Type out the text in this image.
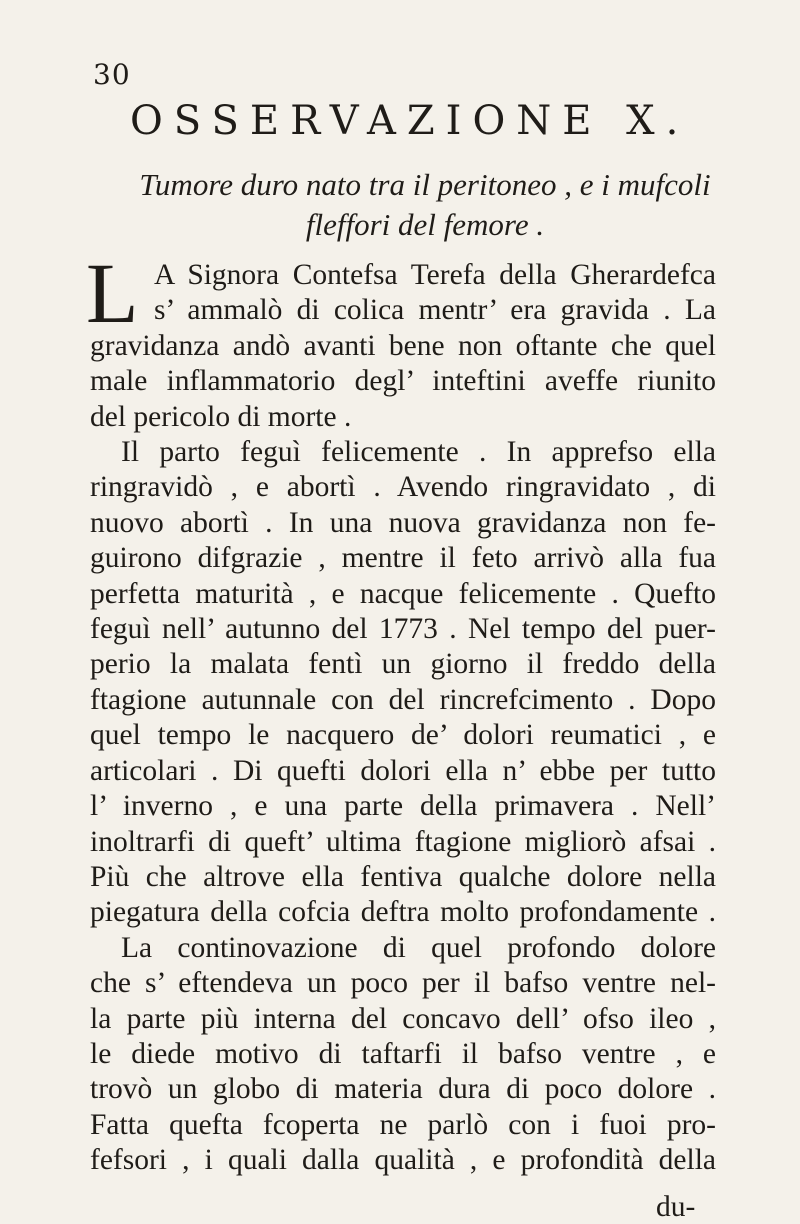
30
OSSERVAZIONE X.
Tumore duro nato tra il peritoneo , e i mufcoli
fleffori del femore .
L A Signora Contefsa Terefa della Gherardefca
s’ ammalò di colica mentr’ era gravida . La
gravidanza andò avanti bene non oftante che quel
male inflammatorio degl’ inteftini aveffe riunito
del pericolo di morte .
Il parto feguì felicemente . In apprefso ella
ringravidò , e abortì . Avendo ringravidato , di
nuovo abortì . In una nuova gravidanza non fe-
guirono difgrazie , mentre il feto arrivò alla fua
perfetta maturità , e nacque felicemente . Quefto
feguì nell’ autunno del 1773 . Nel tempo del puer-
perio la malata fentì un giorno il freddo della
ftagione autunnale con del rincrefcimento . Dopo
quel tempo le nacquero de’ dolori reumatici , e
articolari . Di quefti dolori ella n’ ebbe per tutto
l’ inverno , e una parte della primavera . Nell’
inoltrarfi di queft’ ultima ftagione migliorò afsai .
Più che altrove ella fentiva qualche dolore nella
piegatura della cofcia deftra molto profondamente .
La continovazione di quel profondo dolore
che s’ eftendeva un poco per il bafso ventre nel-
la parte più interna del concavo dell’ ofso ileo ,
le diede motivo di taftarfi il bafso ventre , e
trovò un globo di materia dura di poco dolore .
Fatta quefta fcoperta ne parlò con i fuoi pro-
fefsori , i quali dalla qualità , e profondità della
du-
